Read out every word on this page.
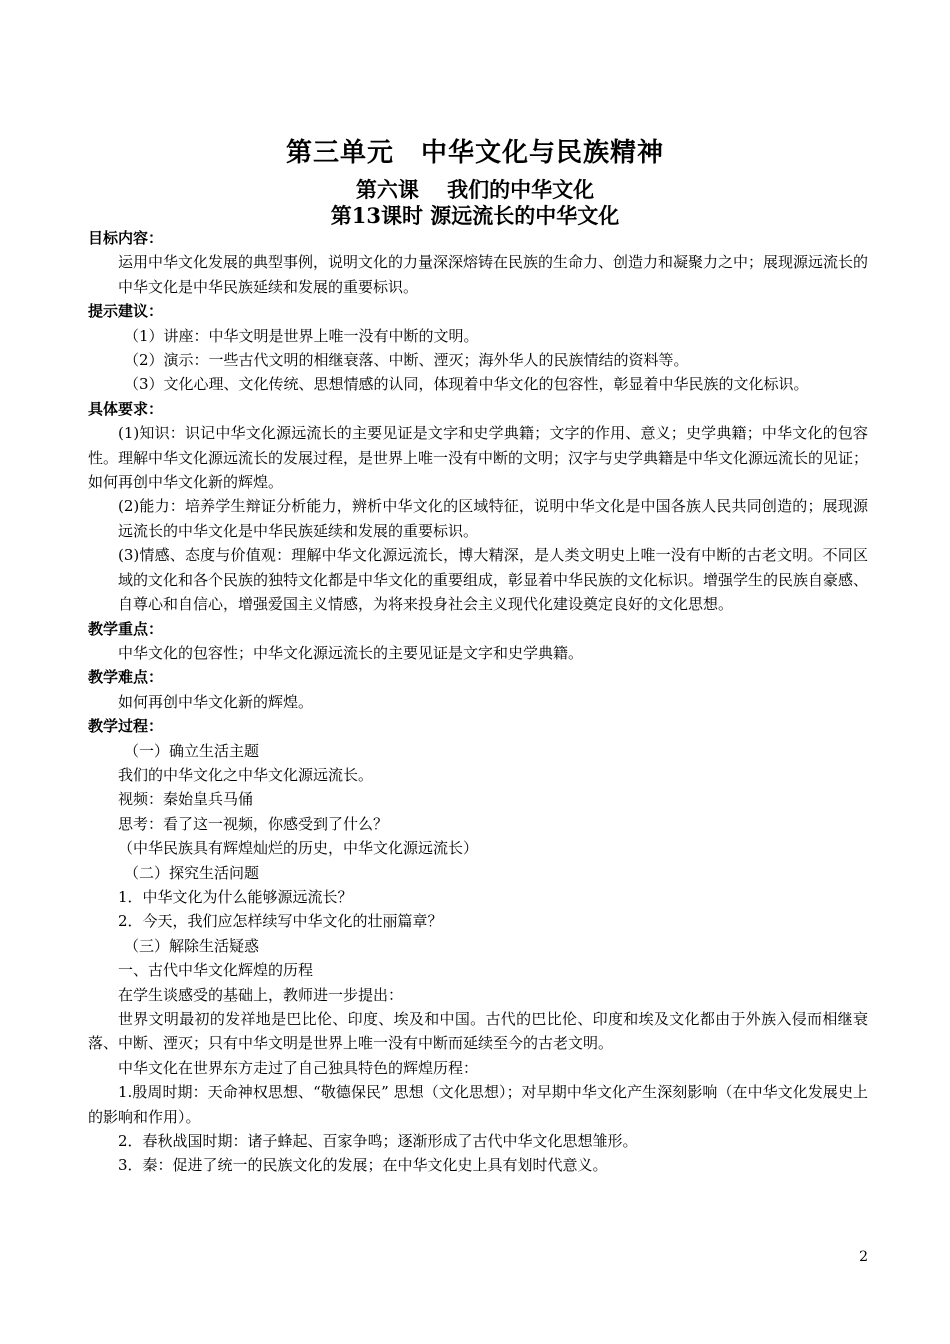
第三单元　中华文化与民族精神
第六课　 我们的中华文化
第13课时 源远流长的中华文化

目标内容：

运用中华文化发展的典型事例，说明文化的力量深深熔铸在民族的生命力、创造力和凝聚力之中；展现源远流长的中华文化是中华民族延续和发展的重要标识。

提示建议：

（1）讲座：中华文明是世界上唯一没有中断的文明。

（2）演示：一些古代文明的相继衰落、中断、湮灭；海外华人的民族情结的资料等。

（3）文化心理、文化传统、思想情感的认同，体现着中华文化的包容性，彰显着中华民族的文化标识。

具体要求：

(1)知识：识记中华文化源远流长的主要见证是文字和史学典籍；文字的作用、意义；史学典籍；中华文化的包容性。理解中华文化源远流长的发展过程，是世界上唯一没有中断的文明；汉字与史学典籍是中华文化源远流长的见证；如何再创中华文化新的辉煌。

(2)能力：培养学生辩证分析能力，辨析中华文化的区域特征，说明中华文化是中国各族人民共同创造的；展现源远流长的中华文化是中华民族延续和发展的重要标识。

(3)情感、态度与价值观：理解中华文化源远流长，博大精深，是人类文明史上唯一没有中断的古老文明。不同区域的文化和各个民族的独特文化都是中华文化的重要组成，彰显着中华民族的文化标识。增强学生的民族自豪感、自尊心和自信心，增强爱国主义情感，为将来投身社会主义现代化建设奠定良好的文化思想。

教学重点：

中华文化的包容性；中华文化源远流长的主要见证是文字和史学典籍。

教学难点：

如何再创中华文化新的辉煌。

教学过程：

（一）确立生活主题

我们的中华文化之中华文化源远流长。

视频：秦始皇兵马俑

思考：看了这一视频，你感受到了什么？

（中华民族具有辉煌灿烂的历史，中华文化源远流长）

（二）探究生活问题

1．中华文化为什么能够源远流长？

2．今天，我们应怎样续写中华文化的壮丽篇章？

（三）解除生活疑惑

一、古代中华文化辉煌的历程

在学生谈感受的基础上，教师进一步提出：

世界文明最初的发祥地是巴比伦、印度、埃及和中国。古代的巴比伦、印度和埃及文化都由于外族入侵而相继衰落、中断、湮灭；只有中华文明是世界上唯一没有中断而延续至今的古老文明。

中华文化在世界东方走过了自己独具特色的辉煌历程：

1.殷周时期：天命神权思想、“敬德保民” 思想（文化思想）；对早期中华文化产生深刻影响（在中华文化发展史上的影响和作用）。

2．春秋战国时期：诸子蜂起、百家争鸣；逐渐形成了古代中华文化思想雏形。

3．秦：促进了统一的民族文化的发展；在中华文化史上具有划时代意义。

2
